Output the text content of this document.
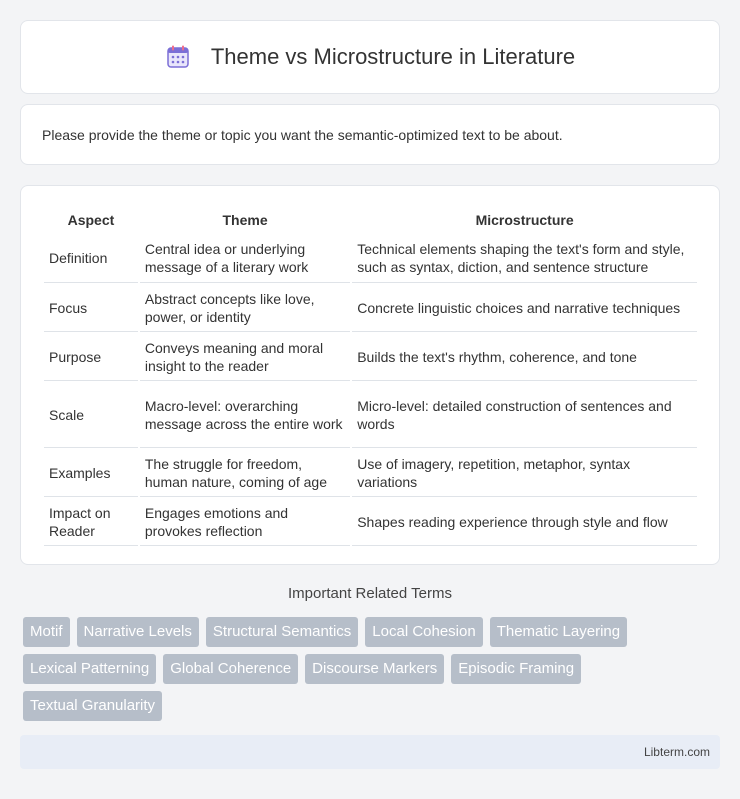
Theme vs Microstructure in Literature

Please provide the theme or topic you want the semantic-optimized text to be about.

Aspect	Theme	Microstructure
Definition	Central idea or underlying message of a literary work	Technical elements shaping the text's form and style, such as syntax, diction, and sentence structure
Focus	Abstract concepts like love, power, or identity	Concrete linguistic choices and narrative techniques
Purpose	Conveys meaning and moral insight to the reader	Builds the text's rhythm, coherence, and tone
Scale	Macro-level: overarching message across the entire work	Micro-level: detailed construction of sentences and words
Examples	The struggle for freedom, human nature, coming of age	Use of imagery, repetition, metaphor, syntax variations
Impact on Reader	Engages emotions and provokes reflection	Shapes reading experience through style and flow
Important Related Terms
Motif	Narrative Levels	Structural Semantics	Local Cohesion	Thematic Layering
Lexical Patterning	Global Coherence	Discourse Markers	Episodic Framing
Textual Granularity
Libterm.com
